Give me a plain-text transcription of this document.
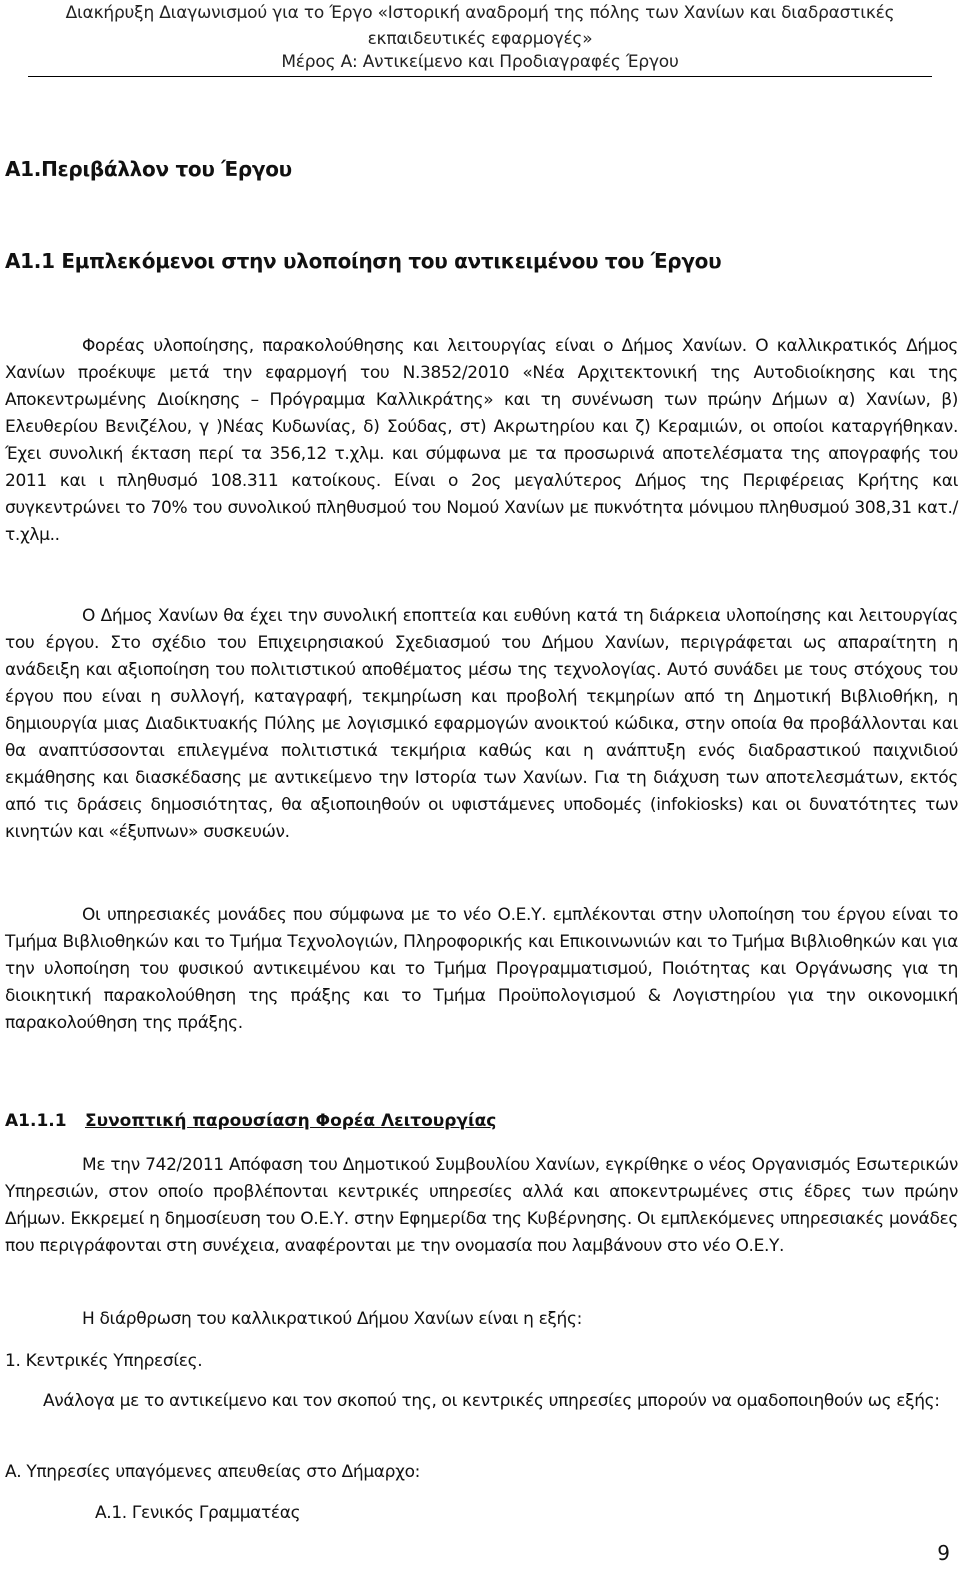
Διακήρυξη Διαγωνισμού για το Έργο «Ιστορική αναδρομή της πόλης των Χανίων και διαδραστικές
εκπαιδευτικές εφαρμογές»
Μέρος Α: Αντικείμενο και Προδιαγραφές Έργου
Α1.Περιβάλλον του Έργου
Α1.1 Εμπλεκόμενοι στην υλοποίηση του αντικειμένου του Έργου

Φορέας υλοποίησης, παρακολούθησης και λειτουργίας είναι ο Δήμος Χανίων. Ο καλλικρατικός Δήμος Χανίων προέκυψε μετά την εφαρμογή του Ν.3852/2010 «Νέα Αρχιτεκτονική της Αυτοδιοίκησης και της Αποκεντρωμένης Διοίκησης – Πρόγραμμα Καλλικράτης» και τη συνένωση των πρώην Δήμων α) Χανίων, β) Ελευθερίου Βενιζέλου, γ )Νέας Κυδωνίας, δ) Σούδας, στ) Ακρωτηρίου και ζ) Κεραμιών, οι οποίοι καταργήθηκαν. Έχει συνολική έκταση περί τα 356,12 τ.χλμ. και σύμφωνα με τα προσωρινά αποτελέσματα της απογραφής του 2011 και ι πληθυσμό 108.311 κατοίκους. Είναι ο 2ος μεγαλύτερος Δήμος της Περιφέρειας Κρήτης και συγκεντρώνει το 70% του συνολικού πληθυσμού του Νομού Χανίων με πυκνότητα μόνιμου πληθυσμού 308,31 κατ./τ.χλμ..

Ο Δήμος Χανίων θα έχει την συνολική εποπτεία και ευθύνη κατά τη διάρκεια υλοποίησης και λειτουργίας του έργου. Στο σχέδιο του Επιχειρησιακού Σχεδιασμού του Δήμου Χανίων, περιγράφεται ως απαραίτητη η ανάδειξη και αξιοποίηση του πολιτιστικού αποθέματος μέσω της τεχνολογίας. Αυτό συνάδει με τους στόχους του έργου που είναι η συλλογή, καταγραφή, τεκμηρίωση και προβολή τεκμηρίων από τη Δημοτική Βιβλιοθήκη, η δημιουργία μιας Διαδικτυακής Πύλης με λογισμικό εφαρμογών ανοικτού κώδικα, στην οποία θα προβάλλονται και θα αναπτύσσονται επιλεγμένα πολιτιστικά τεκμήρια καθώς και η ανάπτυξη ενός διαδραστικού παιχνιδιού εκμάθησης και διασκέδασης με αντικείμενο την Ιστορία των Χανίων. Για τη διάχυση των αποτελεσμάτων, εκτός από τις δράσεις δημοσιότητας, θα αξιοποιηθούν οι υφιστάμενες υποδομές (infokiosks) και οι δυνατότητες των κινητών και «έξυπνων» συσκευών.

Οι υπηρεσιακές μονάδες που σύμφωνα με το νέο Ο.Ε.Υ. εμπλέκονται στην υλοποίηση του έργου είναι το Τμήμα Βιβλιοθηκών και το Τμήμα Τεχνολογιών, Πληροφορικής και Επικοινωνιών και το Τμήμα Βιβλιοθηκών και για την υλοποίηση του φυσικού αντικειμένου και το Τμήμα Προγραμματισμού, Ποιότητας και Οργάνωσης για τη διοικητική παρακολούθηση της πράξης και το Τμήμα Προϋπολογισμού & Λογιστηρίου για την οικονομική παρακολούθηση της πράξης.

Α1.1.1 Συνοπτική παρουσίαση Φορέα Λειτουργίας

Με την 742/2011 Απόφαση του Δημοτικού Συμβουλίου Χανίων, εγκρίθηκε ο νέος Οργανισμός Εσωτερικών Υπηρεσιών, στον οποίο προβλέπονται κεντρικές υπηρεσίες αλλά και αποκεντρωμένες στις έδρες των πρώην Δήμων. Εκκρεμεί η δημοσίευση του Ο.Ε.Υ. στην Εφημερίδα της Κυβέρνησης. Οι εμπλεκόμενες υπηρεσιακές μονάδες που περιγράφονται στη συνέχεια, αναφέρονται με την ονομασία που λαμβάνουν στο νέο Ο.Ε.Υ.

Η διάρθρωση του καλλικρατικού Δήμου Χανίων είναι η εξής:

1. Κεντρικές Υπηρεσίες.

Ανάλογα με το αντικείμενο και τον σκοπού της, οι κεντρικές υπηρεσίες μπορούν να ομαδοποιηθούν ως εξής:

Α. Υπηρεσίες υπαγόμενες απευθείας στο Δήμαρχο:

Α.1. Γενικός Γραμματέας

9
